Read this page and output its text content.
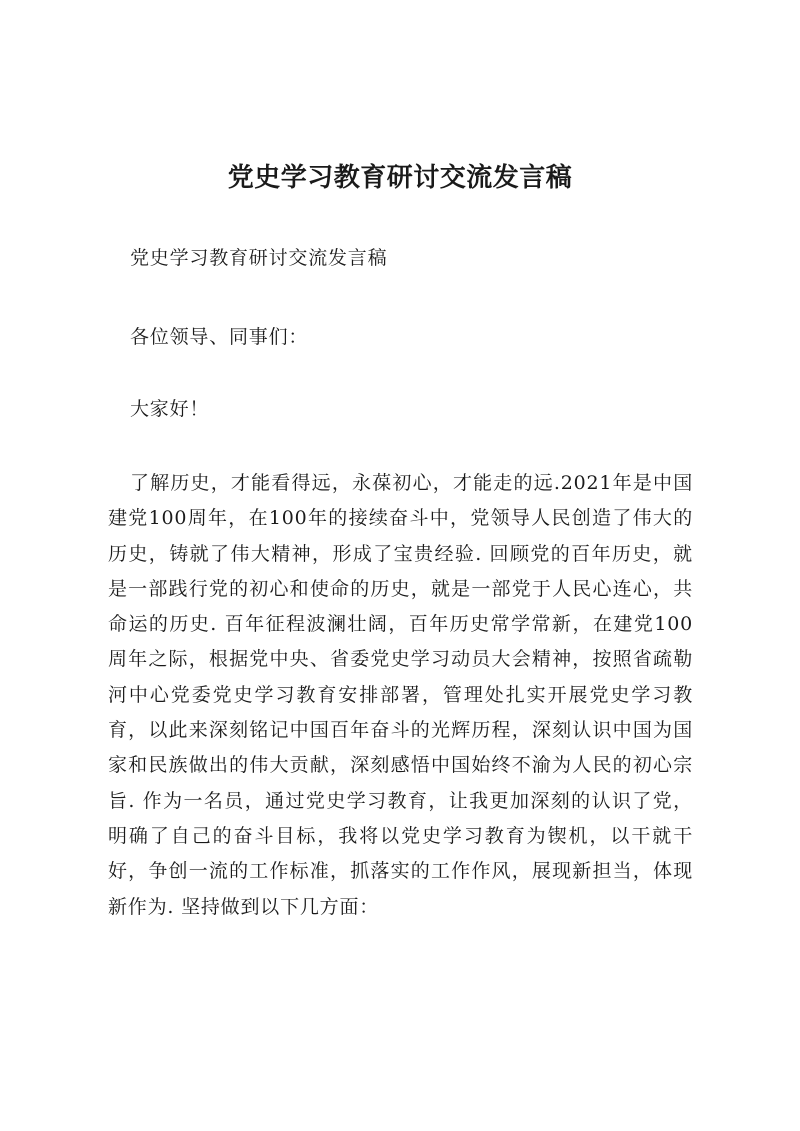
党史学习教育研讨交流发言稿

党史学习教育研讨交流发言稿

各位领导、同事们：

大家好！

了解历史，才能看得远，永葆初心，才能走的远.2021年是中国建党100周年，在100年的接续奋斗中，党领导人民创造了伟大的历史，铸就了伟大精神，形成了宝贵经验. 回顾党的百年历史，就是一部践行党的初心和使命的历史，就是一部党于人民心连心，共命运的历史. 百年征程波澜壮阔，百年历史常学常新，在建党100周年之际，根据党中央、省委党史学习动员大会精神，按照省疏勒河中心党委党史学习教育安排部署，管理处扎实开展党史学习教育，以此来深刻铭记中国百年奋斗的光辉历程，深刻认识中国为国家和民族做出的伟大贡献，深刻感悟中国始终不渝为人民的初心宗旨. 作为一名员，通过党史学习教育，让我更加深刻的认识了党，明确了自己的奋斗目标，我将以党史学习教育为锲机，以干就干好，争创一流的工作标准，抓落实的工作作风，展现新担当，体现新作为. 坚持做到以下几方面：
